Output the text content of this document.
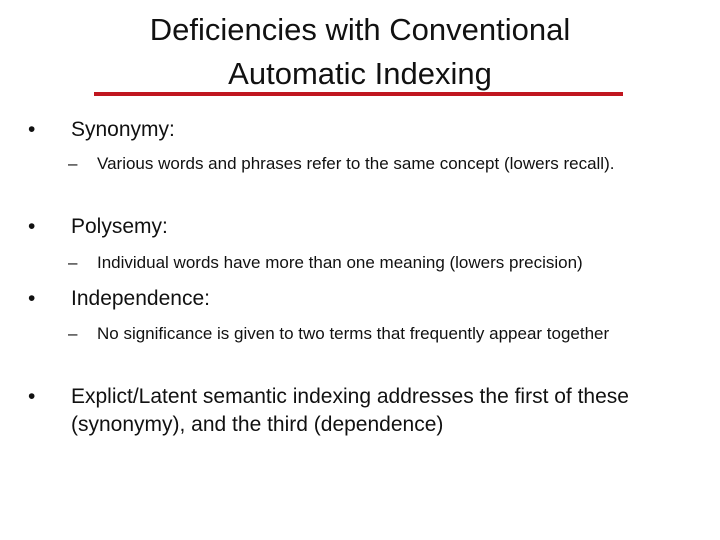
Deficiencies with Conventional
Automatic Indexing
•	Synonymy:
–	Various words and phrases refer to the same concept (lowers recall).
•	Polysemy:
–	Individual words have more than one meaning (lowers precision)
•	Independence:
–	No significance is given to two terms that frequently appear together
•	Explict/Latent semantic indexing addresses the first of these (synonymy), and the third (dependence)
